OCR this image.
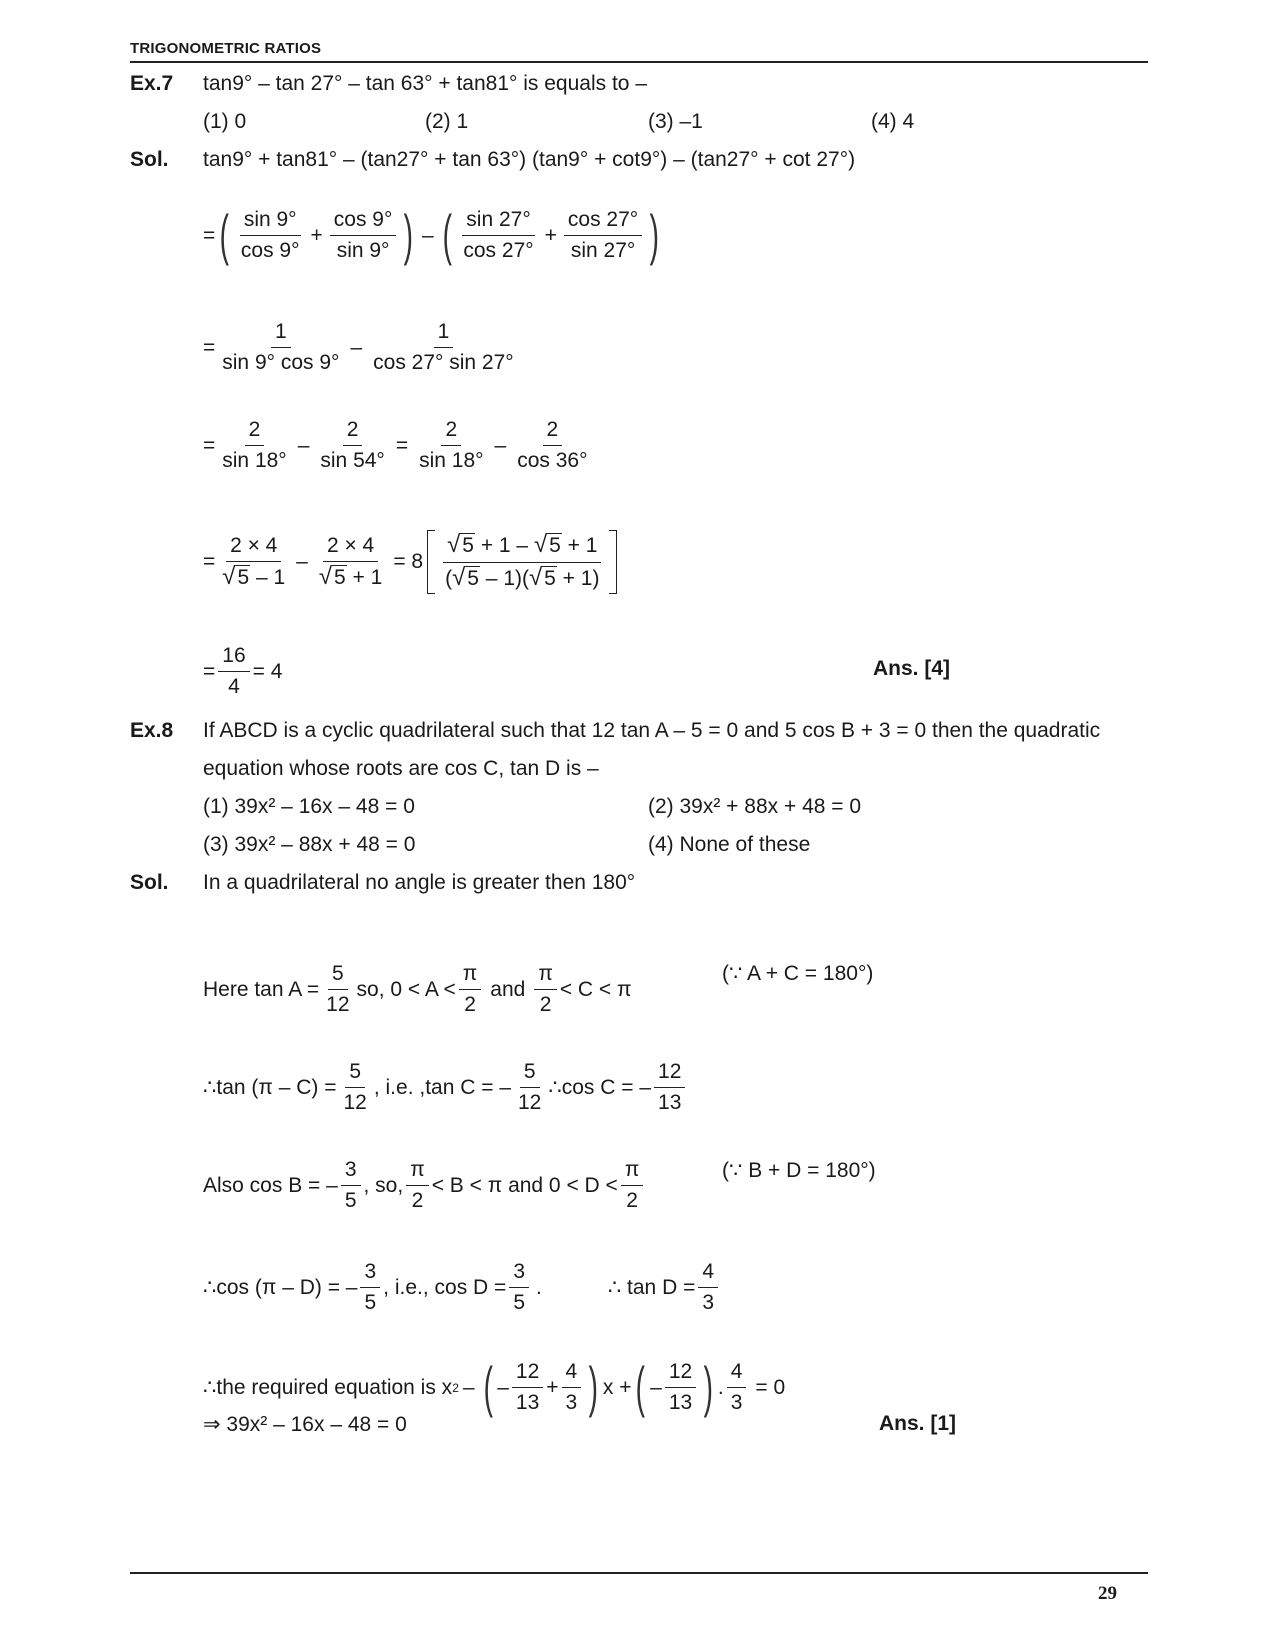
TRIGONOMETRIC RATIOS
Ex.7 tan9° – tan 27° – tan 63° + tan81° is equals to –
(1) 0	(2) 1	(3) –1	(4) 4
Sol. tan9° + tan81° – (tan27° + tan 63°) (tan9° + cot9°) – (tan27° + cot 27°)
= ( $\frac{\sin 9^\circ}{\cos 9^\circ} + \frac{\cos 9^\circ}{\sin 9^\circ}$ ) – ( $\frac{\sin 27^\circ}{\cos 27^\circ} + \frac{\cos 27^\circ}{\sin 27^\circ}$ )
= $\frac{1}{\sin 9^\circ \cos 9^\circ} - \frac{1}{\cos 27^\circ \sin 27^\circ}$
= $\frac{2}{\sin 18^\circ} - \frac{2}{\sin 54^\circ} = \frac{2}{\sin 18^\circ} - \frac{2}{\cos 36^\circ}$
= $\frac{2 \times 4}{√ 5 - 1} - \frac{2 \times 4}{√ 5 + 1} = 8 \frac{√ 5 + 1 - √ 5 + 1}{( √ 5 - 1)( √ 5 + 1)}$
= $\frac{16}{4} = 4$	Ans. [4]
Ex.8 If ABCD is a cyclic quadrilateral such that 12 tan A – 5 = 0 and 5 cos B + 3 = 0 then the quadratic
equation whose roots are cos C, tan D is –
(1) 39x² – 16x – 48 = 0	(2) 39x² + 88x + 48 = 0
(3) 39x² – 88x + 48 = 0	(4) None of these
Sol. In a quadrilateral no angle is greater then 180°
Here $\tan A = \frac{5}{12}$ so, $0 < A < \frac{\pi}{2}$ and $\frac{\pi}{2} < C < \pi$
(∵ A + C = 180°)
∴tan $(\pi - C) = \frac{5}{12}$ , i.e. ,tan C = – $\frac{5}{12}$ ∴cos C = – $\frac{12}{13}$
Also cos B = – $\frac{3}{5}$ , so, $\frac{\pi}{2} < B < \pi$ and $0 < D < \frac{\pi}{2}$	(∵ B + D = 180°)
∴cos (π – D) = – $\frac{3}{5}$ , i.e., $\cos D = \frac{3}{5}$ .	∴ $\tan D = \frac{4}{3}$
∴the required equation is x 2 – ( – $\frac{12}{13} + \frac{4}{3}$ ) x + ( – $\frac{12}{13}$ ) . $\frac{4}{3} = 0$
⇒ 39x² – 16x – 48 = 0	Ans. [1]
29
